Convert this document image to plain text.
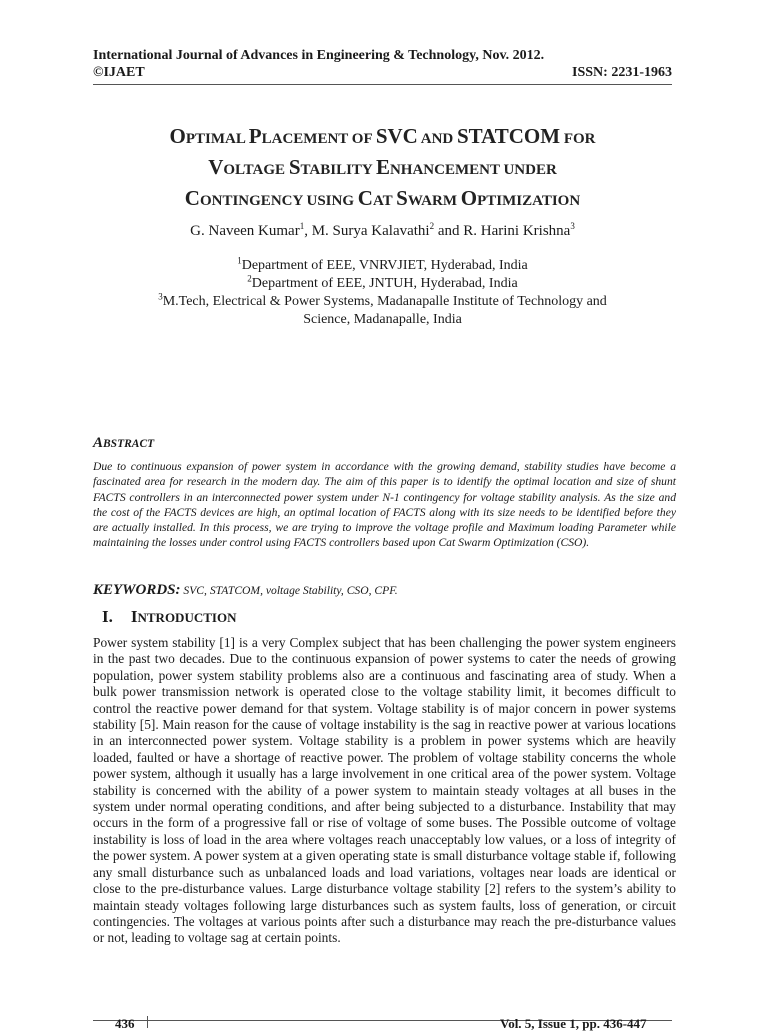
International Journal of Advances in Engineering & Technology, Nov. 2012.
©IJAET	ISSN: 2231-1963
OPTIMAL PLACEMENT OF SVC AND STATCOM FOR
VOLTAGE STABILITY ENHANCEMENT UNDER
CONTINGENCY USING CAT SWARM OPTIMIZATION
G. Naveen Kumar$^1$, M. Surya Kalavathi$^2$ and R. Harini Krishna$^3$
$^1$Department of EEE, VNRVJIET, Hyderabad, India
$^2$Department of EEE, JNTUH, Hyderabad, India
$^3$M.Tech, Electrical & Power Systems, Madanapalle Institute of Technology and
Science, Madanapalle, India
ABSTRACT
Due to continuous expansion of power system in accordance with the growing demand, stability studies have become a fascinated area for research in the modern day. The aim of this paper is to identify the optimal location and size of shunt FACTS controllers in an interconnected power system under N-1 contingency for voltage stability analysis. As the size and the cost of the FACTS devices are high, an optimal location of FACTS along with its size needs to be identified before they are actually installed. In this process, we are trying to improve the voltage profile and Maximum loading Parameter while maintaining the losses under control using FACTS controllers based upon Cat Swarm Optimization (CSO).
KEYWORDS: SVC, STATCOM, voltage Stability, CSO, CPF.
I. INTRODUCTION
Power system stability [1] is a very Complex subject that has been challenging the power system engineers in the past two decades. Due to the continuous expansion of power systems to cater the needs of growing population, power system stability problems also are a continuous and fascinating area of study. When a bulk power transmission network is operated close to the voltage stability limit, it becomes difficult to control the reactive power demand for that system. Voltage stability is of major concern in power systems stability [5]. Main reason for the cause of voltage instability is the sag in reactive power at various locations in an interconnected power system. Voltage stability is a problem in power systems which are heavily loaded, faulted or have a shortage of reactive power. The problem of voltage stability concerns the whole power system, although it usually has a large involvement in one critical area of the power system. Voltage stability is concerned with the ability of a power system to maintain steady voltages at all buses in the system under normal operating conditions, and after being subjected to a disturbance. Instability that may occurs in the form of a progressive fall or rise of voltage of some buses. The Possible outcome of voltage instability is loss of load in the area where voltages reach unacceptably low values, or a loss of integrity of the power system. A power system at a given operating state is small disturbance voltage stable if, following any small disturbance such as unbalanced loads and load variations, voltages near loads are identical or close to the pre-disturbance values. Large disturbance voltage stability [2] refers to the system’s ability to maintain steady voltages following large disturbances such as system faults, loss of generation, or circuit contingencies. The voltages at various points after such a disturbance may reach the pre-disturbance values or not, leading to voltage sag at certain points.
436	Vol. 5, Issue 1, pp. 436-447
